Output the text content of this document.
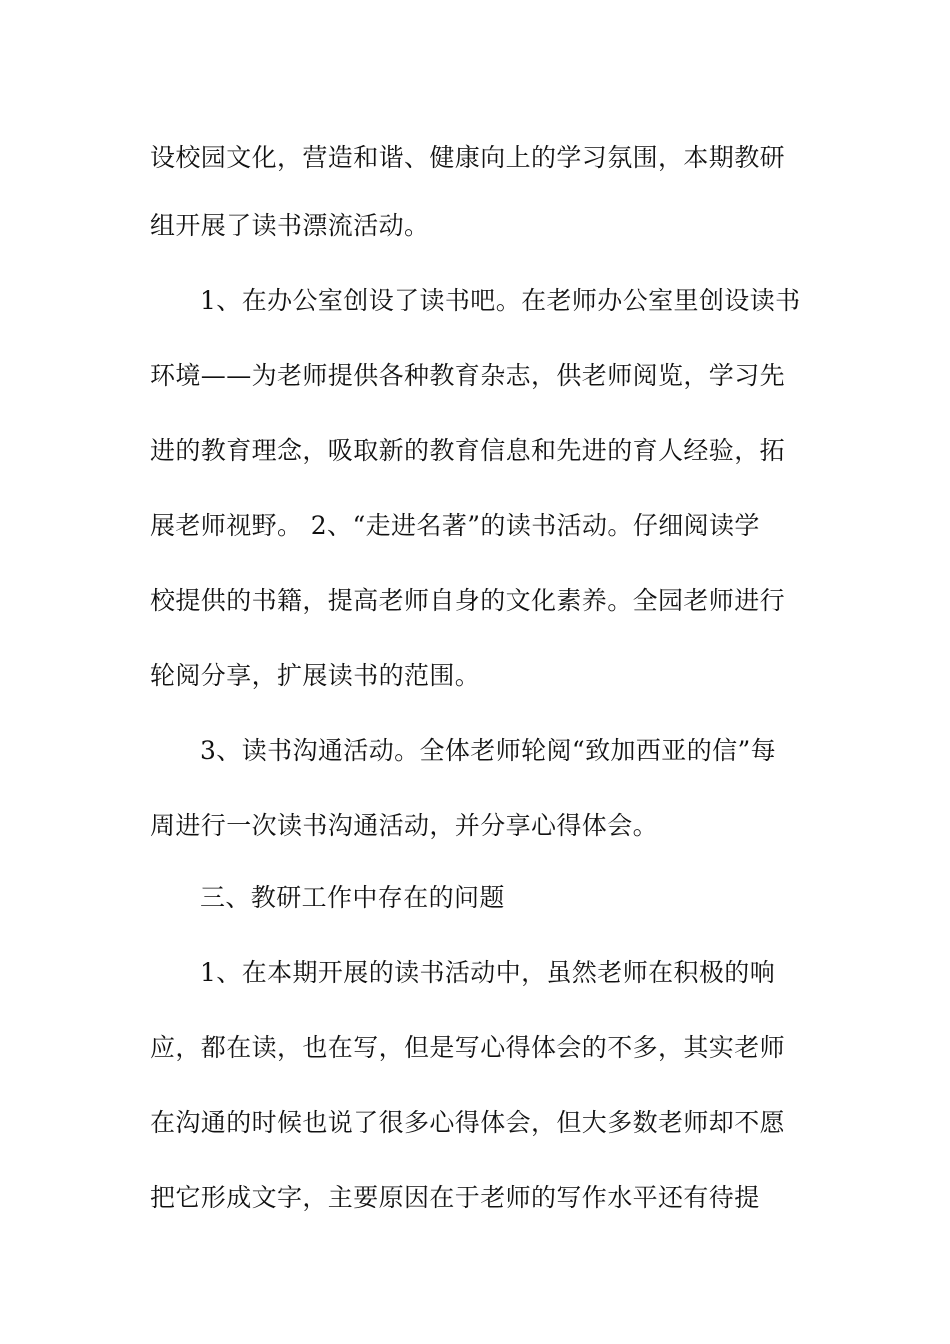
设校园文化，营造和谐、健康向上的学习氛围，本期教研
组开展了读书漂流活动。
1、在办公室创设了读书吧。在老师办公室里创设读书
环境——为老师提供各种教育杂志，供老师阅览，学习先
进的教育理念，吸取新的教育信息和先进的育人经验，拓
展老师视野。 2、“走进名著”的读书活动。仔细阅读学
校提供的书籍，提高老师自身的文化素养。全园老师进行
轮阅分享，扩展读书的范围。
3、读书沟通活动。全体老师轮阅“致加西亚的信”每
周进行一次读书沟通活动，并分享心得体会。
三、教研工作中存在的问题
1、在本期开展的读书活动中，虽然老师在积极的响
应，都在读，也在写，但是写心得体会的不多，其实老师
在沟通的时候也说了很多心得体会，但大多数老师却不愿
把它形成文字，主要原因在于老师的写作水平还有待提
